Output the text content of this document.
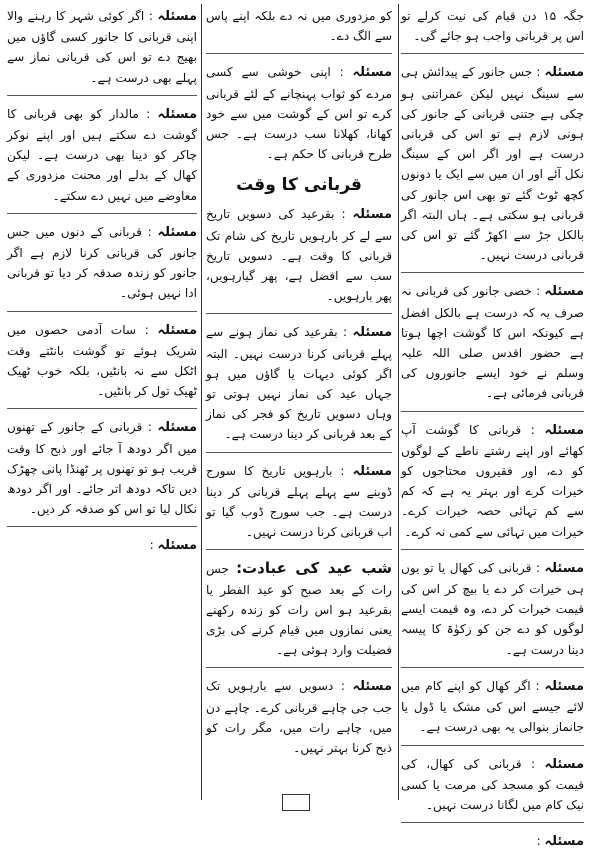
جگہ ۱۵ دن قیام کی نیت کرلے تو اس پر قربانی واجب ہو جائے گی۔
مسئلہ : جس جانور کے پیدائش ہی سے سینگ نہیں لیکن عمراتنی ہو چکی ہے جتنی قربانی کے جانور کی ہونی لازم ہے تو اس کی قربانی درست ہے اور اگر اس کے سینگ نکل آئے اور ان میں سے ایک یا دونوں کچھ ٹوٹ گئے تو بھی اس جانور کی قربانی ہو سکتی ہے۔ ہاں البتہ اگر بالکل جڑ سے اکھڑ گئے تو اس کی قربانی درست نہیں۔
مسئلہ : خصی جانور کی قربانی نہ صرف یہ کہ درست ہے بالکل افضل ہے کیونکہ اس کا گوشت اچھا ہوتا ہے حضور اقدس صلی اللہ علیہ وسلم نے خود ایسے جانوروں کی قربانی فرمائی ہے۔
مسئلہ : قربانی کا گوشت آپ کھائے اور اپنے رشتے ناطے کے لوگوں کو دے، اور فقیروں محتاجوں کو خیرات کرے اور بہتر یہ ہے کہ کم سے کم تہائی حصہ خیرات کرے۔ خیرات میں تہائی سے کمی نہ کرے۔
مسئلہ : قربانی کی کھال یا تو یوں ہی خیرات کر دے یا بیچ کر اس کی قیمت خیرات کر دے، وہ قیمت ایسے لوگوں کو دے جن کو زکوٰۃ کا پیسہ دینا درست ہے۔
مسئلہ : اگر کھال کو اپنے کام میں لائے جیسے اس کی مشک یا ڈول یا جانماز بنوالی یہ بھی درست ہے۔
مسئلہ : قربانی کی کھال، کی قیمت کو مسجد کی مرمت یا کسی نیک کام میں لگانا درست نہیں۔
مسئلہ :
کو مزدوری میں نہ دے بلکہ اپنے پاس سے الگ دے۔
مسئلہ : اپنی خوشی سے کسی مردے کو ثواب پہنچانے کے لئے قربانی کرے تو اس کے گوشت میں سے خود کھانا، کھلانا سب درست ہے۔ جس طرح قربانی کا حکم ہے۔
قربانی کا وقت
مسئلہ : بقرعید کی دسویں تاریخ سے لے کر بارہویں تاریخ کی شام تک قربانی کا وقت ہے۔ دسویں تاریخ سب سے افضل ہے، پھر گیارہویں، پھر بارہویں۔
مسئلہ : بقرعید کی نماز ہونے سے پہلے قربانی کرنا درست نہیں۔ البتہ اگر کوئی دیہات یا گاؤں میں ہو جہاں عید کی نماز نہیں ہوتی تو وہاں دسویں تاریخ کو فجر کی نماز کے بعد قربانی کر دینا درست ہے۔
مسئلہ : بارہویں تاریخ کا سورج ڈوبنے سے پہلے پہلے قربانی کر دینا درست ہے۔ جب سورج ڈوب گیا تو اب قربانی کرنا درست نہیں۔
شب عید کی عبادت: جس رات کے بعد صبح کو عید الفطر یا بقرعید ہو اس رات کو زندہ رکھنے یعنی نمازوں میں قیام کرنے کی بڑی فضیلت وارد ہوئی ہے۔
مسئلہ : دسویں سے بارہویں تک جب جی چاہے قربانی کرے۔ چاہے دن میں، چاہے رات میں، مگر رات کو ذبح کرنا بہتر نہیں۔
مسئلہ : اگر کوئی شہر کا رہنے والا اپنی قربانی کا جانور کسی گاؤں میں بھیج دے تو اس کی قربانی نماز سے پہلے بھی درست ہے۔
مسئلہ : مالدار کو بھی قربانی کا گوشت دے سکتے ہیں اور اپنے نوکر چاکر کو دینا بھی درست ہے۔ لیکن کھال کے بدلے اور محنت مزدوری کے معاوضے میں نہیں دے سکتے۔
مسئلہ : قربانی کے دنوں میں جس جانور کی قربانی کرنا لازم ہے اگر جانور کو زندہ صدقہ کر دیا تو قربانی ادا نہیں ہوئی۔
مسئلہ : سات آدمی حصوں میں شریک ہوئے تو گوشت بانٹتے وقت اٹکل سے نہ بانٹیں، بلکہ خوب ٹھیک ٹھیک تول کر بانٹیں۔
مسئلہ : قربانی کے جانور کے تھنوں میں اگر دودھ آ جائے اور ذبح کا وقت قریب ہو تو تھنوں پر ٹھنڈا پانی چھڑک دیں تاکہ دودھ اتر جائے۔ اور اگر دودھ نکال لیا تو اس کو صدقہ کر دیں۔
مسئلہ :
